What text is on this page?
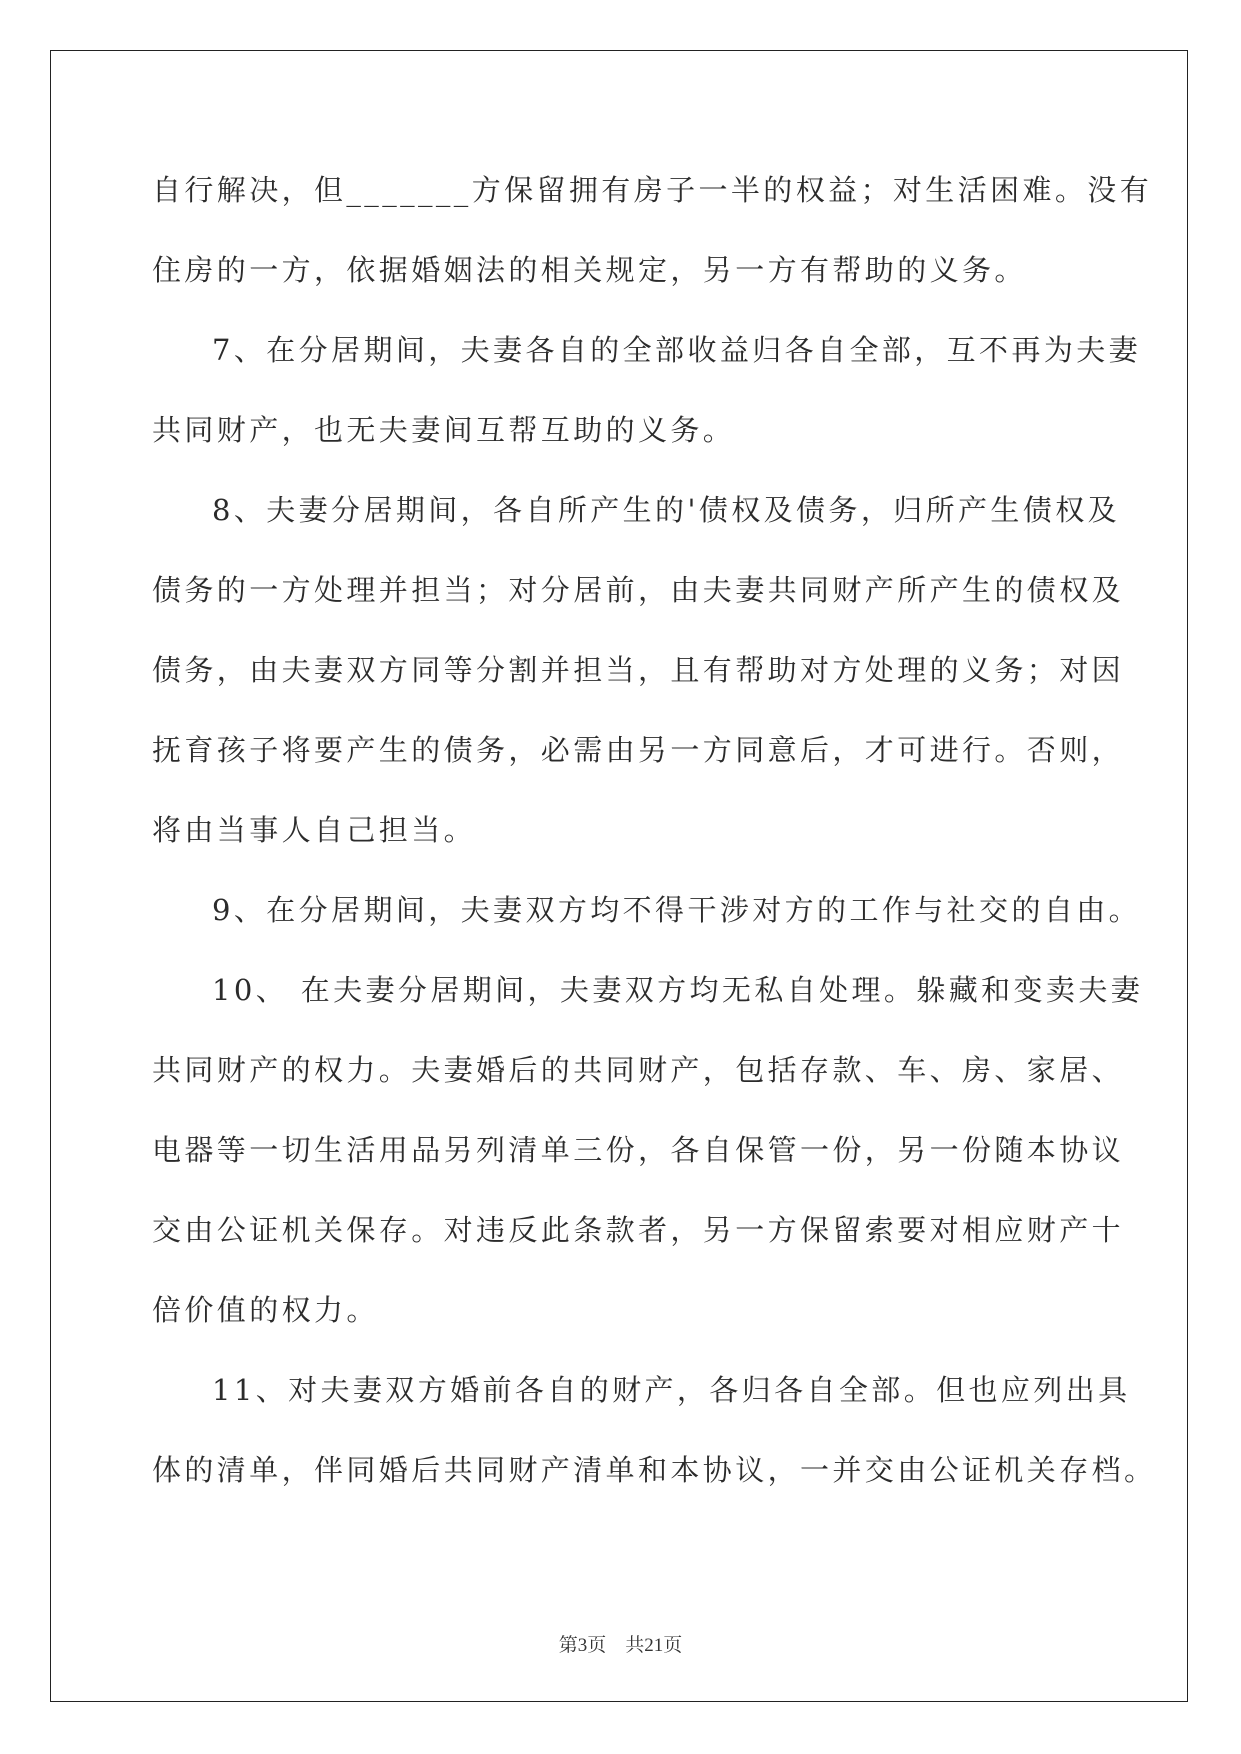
自行解决，但_______方保留拥有房子一半的权益；对生活困难。没有

住房的一方，依据婚姻法的相关规定，另一方有帮助的义务。

7、在分居期间，夫妻各自的全部收益归各自全部，互不再为夫妻

共同财产，也无夫妻间互帮互助的义务。

8、夫妻分居期间，各自所产生的'债权及债务，归所产生债权及

债务的一方处理并担当；对分居前，由夫妻共同财产所产生的债权及

债务，由夫妻双方同等分割并担当，且有帮助对方处理的义务；对因

抚育孩子将要产生的债务，必需由另一方同意后，才可进行。否则，

将由当事人自己担当。

9、在分居期间，夫妻双方均不得干涉对方的工作与社交的自由。

10、 在夫妻分居期间，夫妻双方均无私自处理。躲藏和变卖夫妻

共同财产的权力。夫妻婚后的共同财产，包括存款、车、房、家居、

电器等一切生活用品另列清单三份，各自保管一份，另一份随本协议

交由公证机关保存。对违反此条款者，另一方保留索要对相应财产十

倍价值的权力。

11、对夫妻双方婚前各自的财产，各归各自全部。但也应列出具

体的清单，伴同婚后共同财产清单和本协议，一并交由公证机关存档。

第3页　共21页
